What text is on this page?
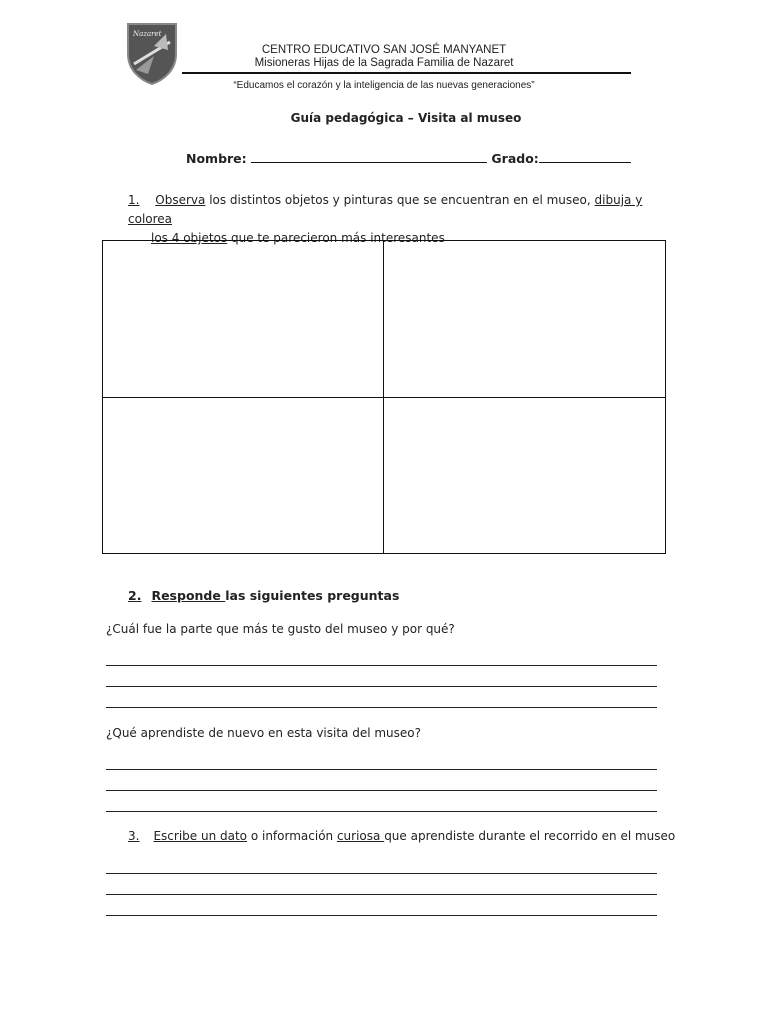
Nazaret
CENTRO EDUCATIVO SAN JOSÉ MANYANET
Misioneras Hijas de la Sagrada Familia de Nazaret
“Educamos el corazón y la inteligencia de las nuevas generaciones”
Guía pedagógica – Visita al museo
Nombre:	Grado:
1. Observa los distintos objetos y pinturas que se encuentran en el museo, dibuja y colorea
los 4 objetos que te parecieron más interesantes
2. Responde las siguientes preguntas
¿Cuál fue la parte que más te gusto del museo y por qué?
¿Qué aprendiste de nuevo en esta visita del museo?
3. Escribe un dato o información curiosa que aprendiste durante el recorrido en el museo
